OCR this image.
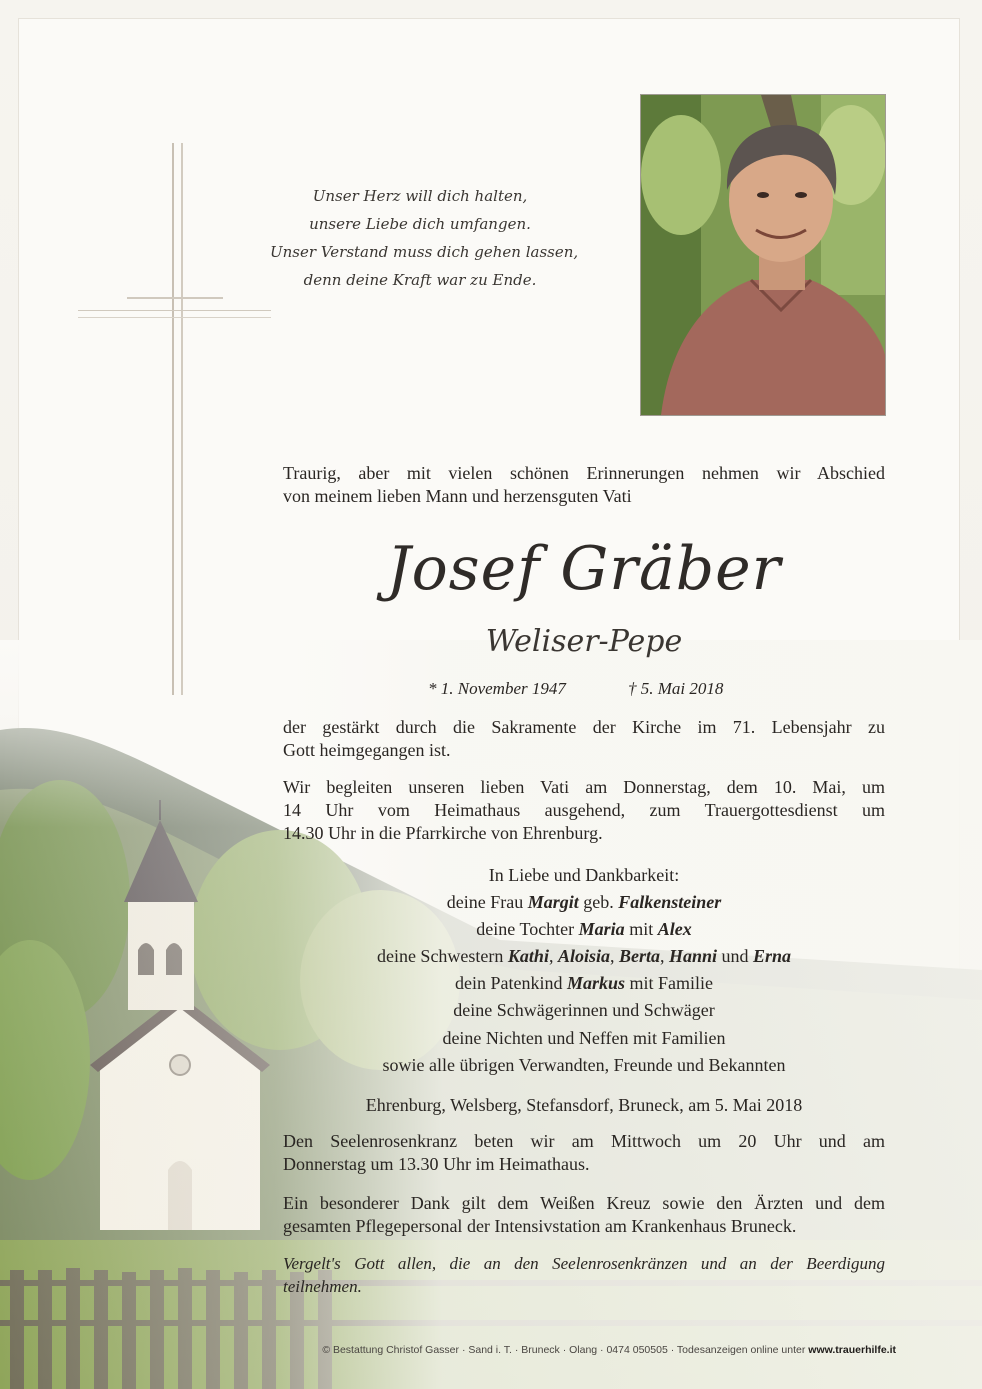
Unser Herz will dich halten,
unsere Liebe dich umfangen.
Unser Verstand muss dich gehen lassen,
denn deine Kraft war zu Ende.
Traurig, aber mit vielen schönen Erinnerungen nehmen wir Abschied
von meinem lieben Mann und herzensguten Vati
Josef Gräber
Weliser-Pepe
* 1. November 1947	† 5. Mai 2018
der gestärkt durch die Sakramente der Kirche im 71. Lebensjahr zu
Gott heimgegangen ist.
Wir begleiten unseren lieben Vati am Donnerstag, dem 10. Mai, um
14 Uhr vom Heimathaus ausgehend, zum Trauergottesdienst um
14.30 Uhr in die Pfarrkirche von Ehrenburg.
In Liebe und Dankbarkeit:
deine Frau Margit geb. Falkensteiner
deine Tochter Maria mit Alex
deine Schwestern Kathi, Aloisia, Berta, Hanni und Erna
dein Patenkind Markus mit Familie
deine Schwägerinnen und Schwäger
deine Nichten und Neffen mit Familien
sowie alle übrigen Verwandten, Freunde und Bekannten
Ehrenburg, Welsberg, Stefansdorf, Bruneck, am 5. Mai 2018
Den Seelenrosenkranz beten wir am Mittwoch um 20 Uhr und am
Donnerstag um 13.30 Uhr im Heimathaus.
Ein besonderer Dank gilt dem Weißen Kreuz sowie den Ärzten und dem
gesamten Pflegepersonal der Intensivstation am Krankenhaus Bruneck.
Vergelt's Gott allen, die an den Seelenrosenkränzen und an der Beerdigung
teilnehmen.
© Bestattung Christof Gasser · Sand i. T. · Bruneck · Olang · 0474 050505 · Todesanzeigen online unter www.trauerhilfe.it
